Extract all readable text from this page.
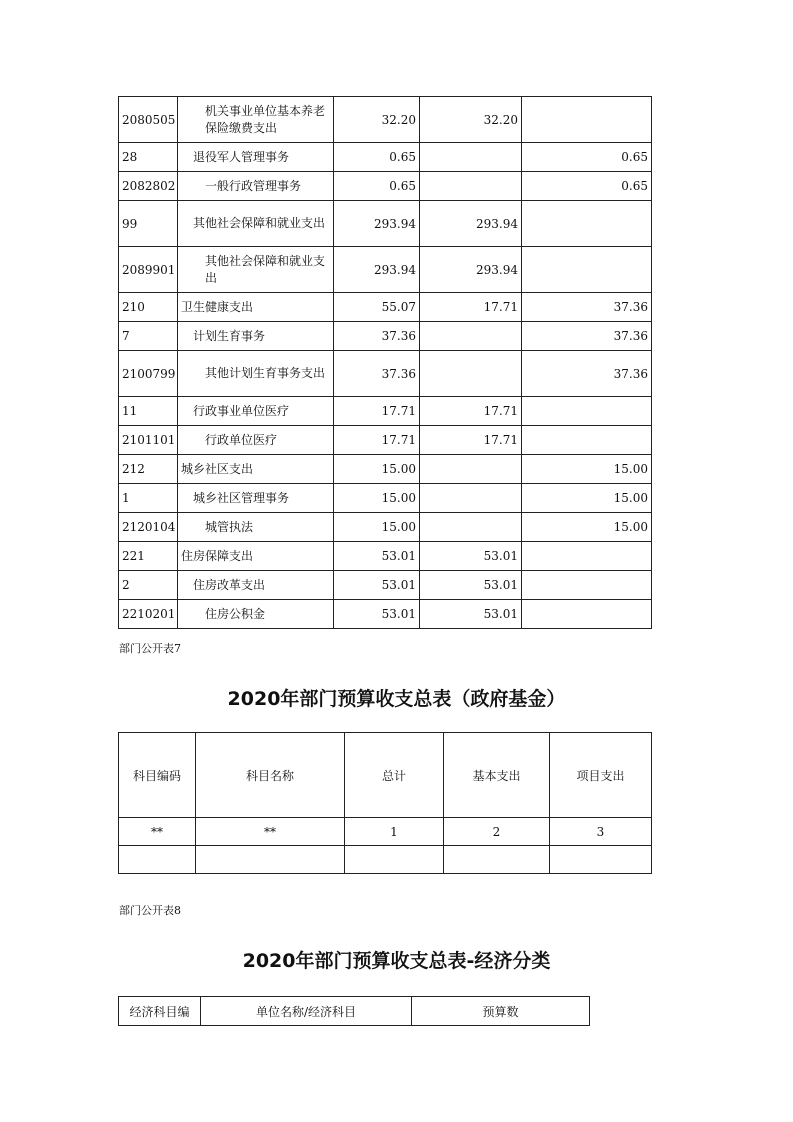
2080505	机关事业单位基本养老保险缴费支出	32.20	32.20	
28	退役军人管理事务	0.65		0.65
2082802	一般行政管理事务	0.65		0.65
99	其他社会保障和就业支出	293.94	293.94	
2089901	其他社会保障和就业支出	293.94	293.94	
210	卫生健康支出	55.07	17.71	37.36
7	计划生育事务	37.36		37.36
2100799	其他计划生育事务支出	37.36		37.36
11	行政事业单位医疗	17.71	17.71	
2101101	行政单位医疗	17.71	17.71	
212	城乡社区支出	15.00		15.00
1	城乡社区管理事务	15.00		15.00
2120104	城管执法	15.00		15.00
221	住房保障支出	53.01	53.01	
2	住房改革支出	53.01	53.01	
2210201	住房公积金	53.01	53.01	
部门公开表7
2020年部门预算收支总表（政府基金）
科目编码	科目名称	总计	基本支出	项目支出
**	**	1	2	3

部门公开表8
2020年部门预算收支总表-经济分类
经济科目编	单位名称/经济科目	预算数
